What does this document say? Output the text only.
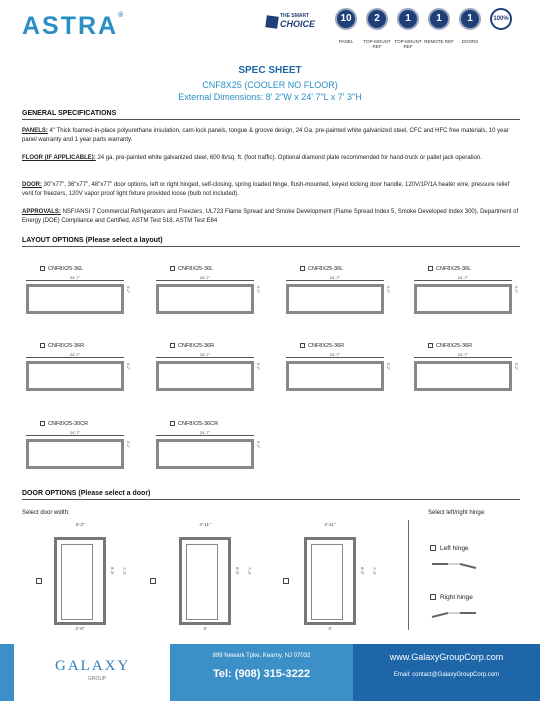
ASTRA®	THE SMART
CHOICE	10
PANEL
2
TOP-MOUNT REF
1
TOP-MOUNT REF
1
REMOTE REF
1
DOORS
100%
SPEC SHEET
CNF8X25 (COOLER NO FLOOR)
External Dimensions: 8' 2"W x 24' 7"L x 7' 3"H
GENERAL SPECIFICATIONS
PANELS: 4" Thick foamed-in-place polyurethane insulation, cam-lock panels, tongue & groove design, 24 Ga. pre-painted white galvanized steel, CFC and HFC free materials, 10 year panel warranty and 1 year parts warranty.
FLOOR (IF APPLICABLE): 24 ga. pre-painted white galvanized steel, 600 lb/sq. ft. (foot traffic). Optional diamond plate recommended for hand-truck or pallet jack operation.
DOOR: 30"x77", 36"x77", 48"x77" door options, left or right hinged, self-closing, spring loaded hinge, flush-mounted, keyed locking door handle, 120V/1P/1A heater wire, pressure relief vent for freezers, 120V vapor proof light fixture provided loose (bulb not included).
APPROVALS: NSF/ANSI 7 Commercial Refrigerators and Freezers, UL723 Flame Spread and Smoke Development (Flame Spread Index 5, Smoke Developed Index 300), Department of Energy (DOE) Compliance and Certified, ASTM Test 518, ASTM Test E84
LAYOUT OPTIONS (Please select a layout)
CNF8X25-36L
24'-7"
8'-2"
CNF8X25-36L
24'-7"
8'-2"
CNF8X25-36L
24'-7"
8'-2"
CNF8X25-36L
24'-7"
8'-2"
CNF8X25-36R
24'-7"
8'-2"
CNF8X25-36R
24'-7"
8'-2"
CNF8X25-36R
24'-7"
8'-2"
CNF8X25-36R
24'-7"
8'-2"
CNF8X25-30CR
24'-7"
8'-2"
CNF8X25-36CR
24'-7"
8'-2"
DOOR OPTIONS (Please select a door)
Select door width:	Select left/right hinge:
3'-3"
6'-5" 7'-3"
2'-6"
4'-11"
6'-5" 7'-3"
3'
4'-11"
6'-5" 7'-3"
4'
Left hinge
Right hinge
GALAXY
GROUP
899 Newark Tpke, Kearny, NJ 07032
Tel: (908) 315-3222
www.GalaxyGroupCorp.com
Email: contact@GalaxyGroupCorp.com
